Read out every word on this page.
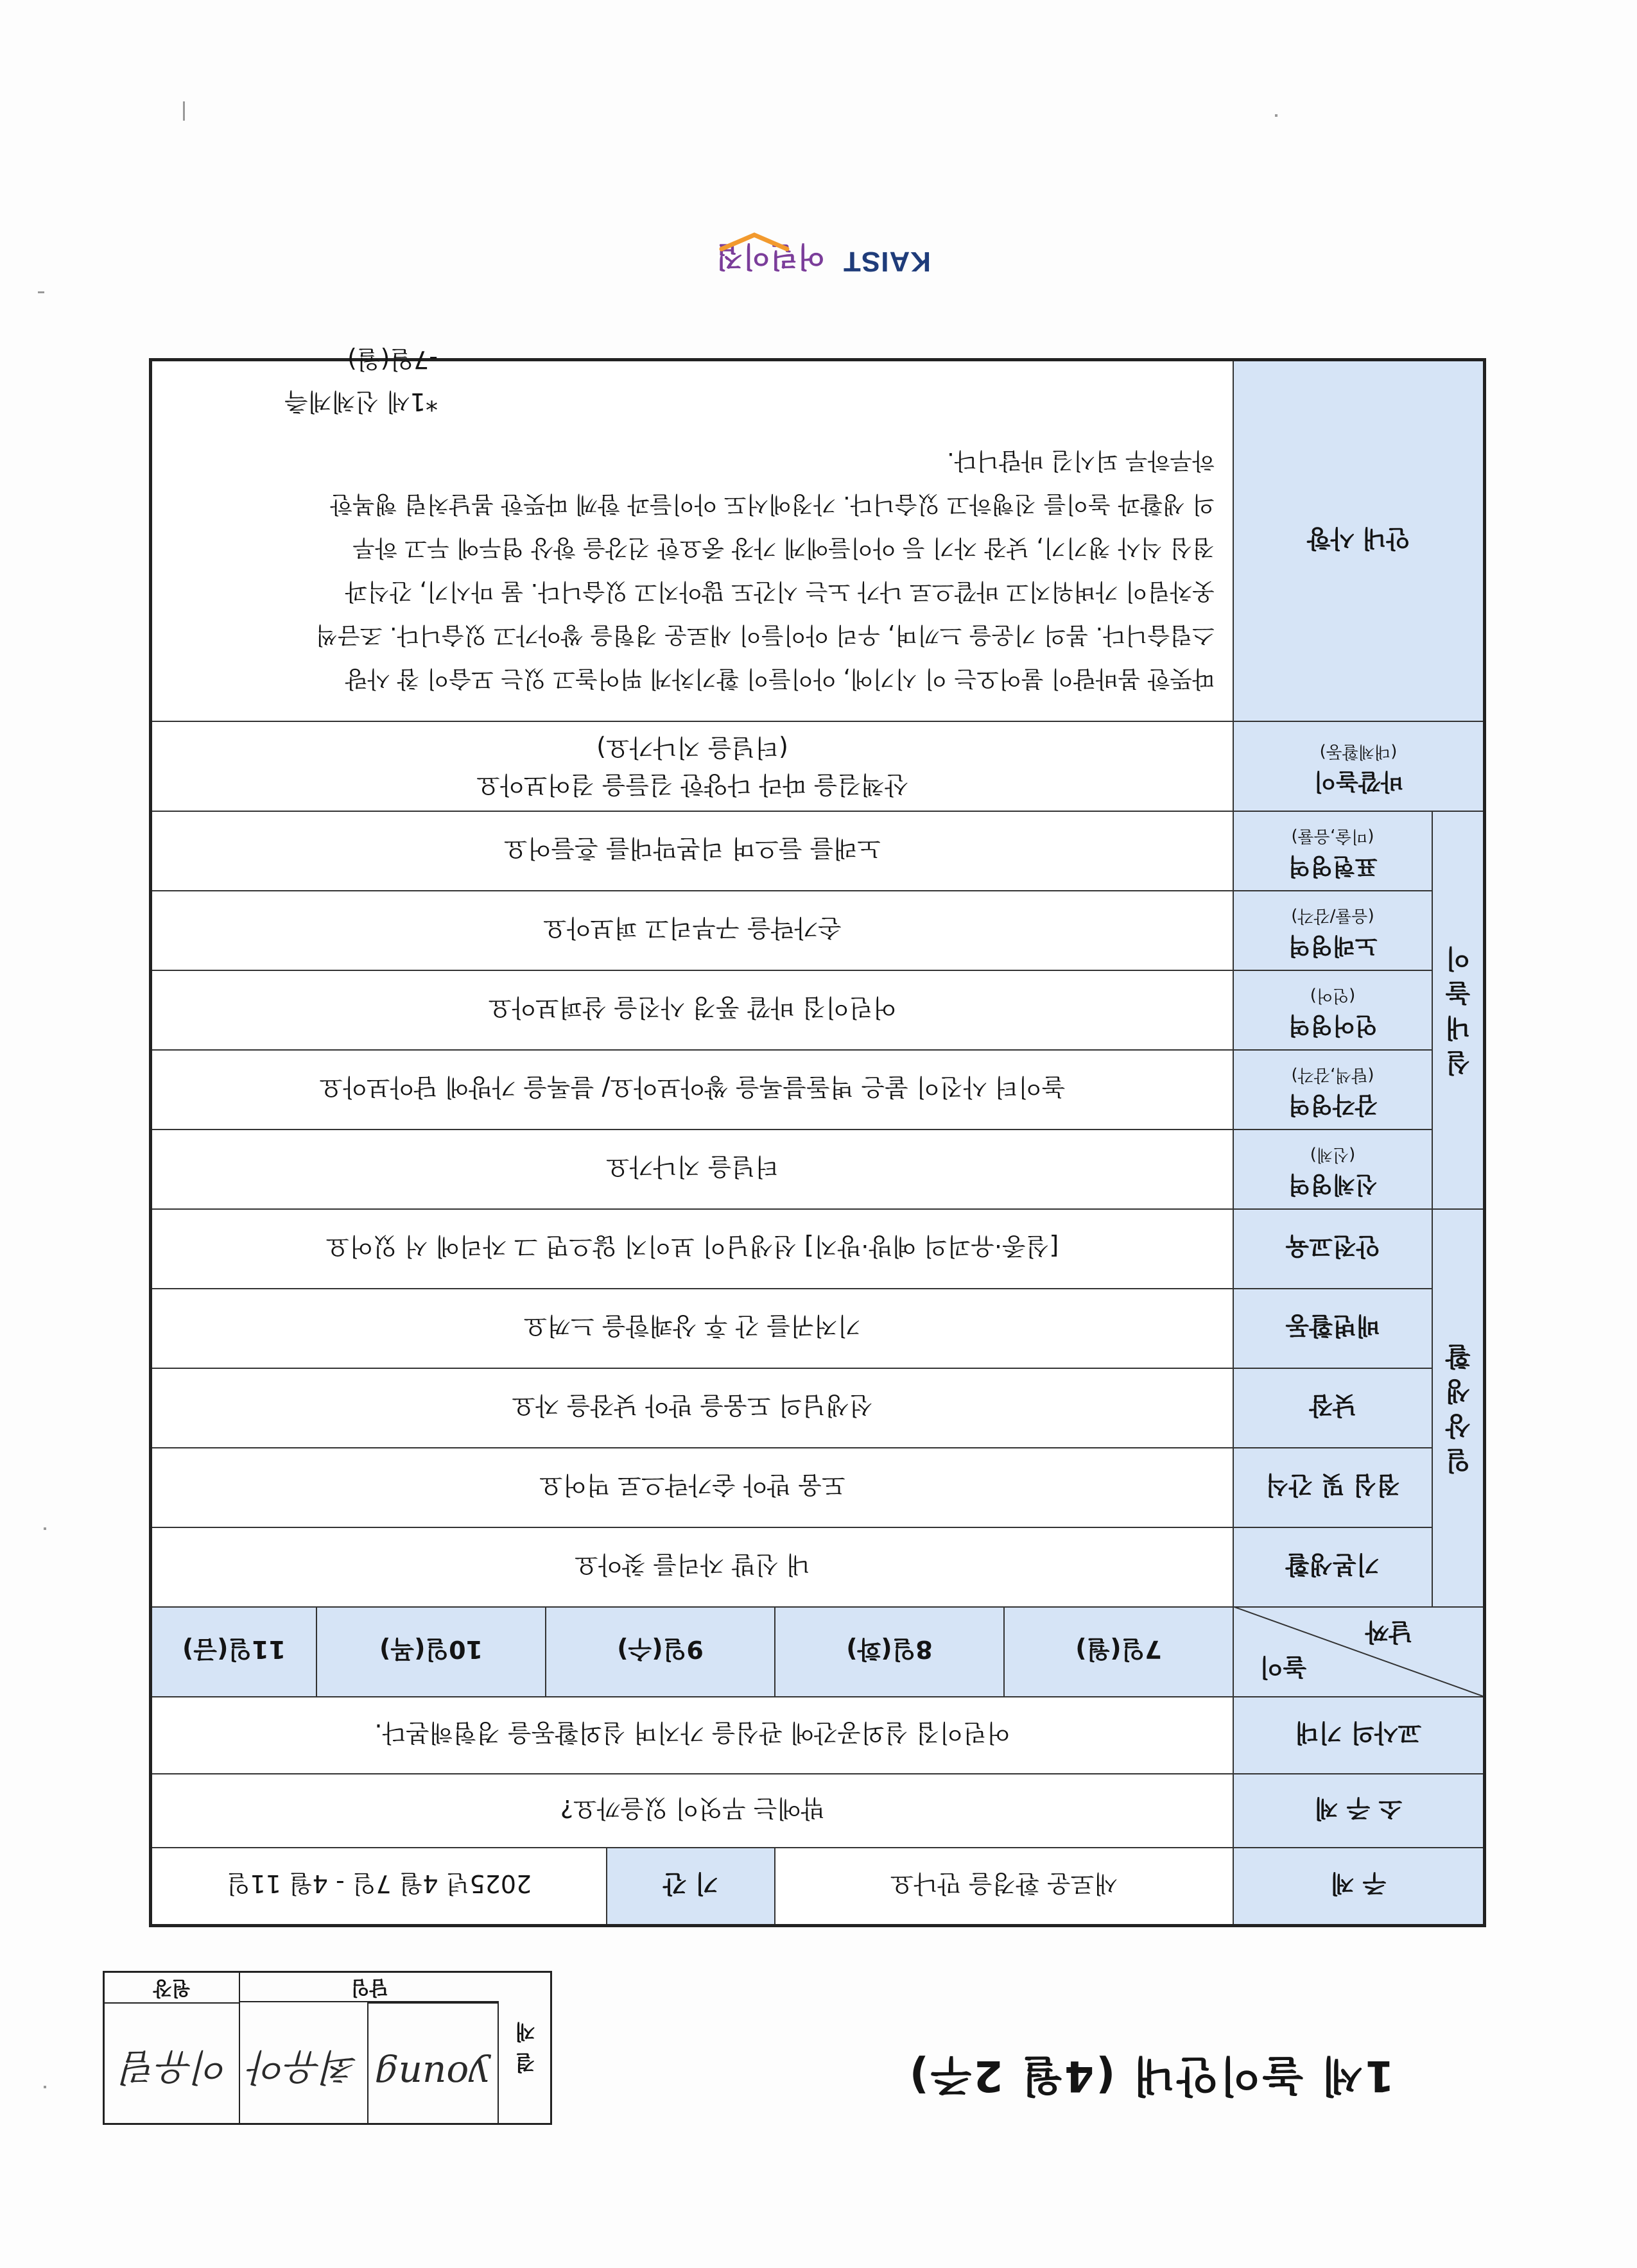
KAIST
어린이집
1세 놀이안내 (4월 2주)
결 재
young
최유아
이유림
원장	담임
주 제
새로운 환경을 만나요
기 간
2025년 4월 7일 - 4월 11일
소 주 제
밖에는 무엇이 있을까요?
교사의 기대
어린이집 실외공간에 관심을 가지며 실외활동을 경험해본다.
놀이
날짜
7일(월)
8일(화)
9일(수)
10일(목)
11일(금)
일상생활
기본생활
내 신발 자리를 찾아요
점심 및 간식
도움 받아 숟가락으로 먹어요
낮잠
선생님의 도움을 받아 낮잠을 자요
배변활동
기저귀를 간 후 상쾌함을 느껴요
안전교육
[실종·유괴의 예방·방지] 선생님이 보이지 않으면 그 자리에 서 있어요
실내놀이
신체영역
(신체)
터널을 지나가요
감각영역
(탐색,감각)
놀이터 사진이 붙은 벽돌블록을 쌓아보아요/ 블록을 가방에 담아보아요
언어영역
(언어)
어린이집 바깥 풍경 사진을 살펴보아요
노래영역
(음률/감각)
손가락을 구부리고 펴보아요
표현영역
(미술,음률)
노래를 들으며 리본막대를 흔들어요
바깥놀이
(대체활동)
산책길을 따라 다양한 길들을 걸어보아요
(터널을 지나가요)
안내 사항
따뜻한 봄바람이 불어오는 이 시기에, 아이들이 활기차게 뛰어놀고 있는 모습이 참 사랑
스럽습니다. 봄의 기운을 느끼며, 우리 아이들이 새로운 경험을 쌓아가고 있습니다. 조금씩
옷차림이 가벼워지고 바깥으로 나가 노는 시간도 많아지고 있습니다. 물 마시기, 간식과
점심 식사 챙기기, 낮잠 자기 등 아이들에게 가장 중요한 건강을 항상 염두에 두고 하루
의 생활과 놀이를 진행하고 있습니다. 가정에서도 아이들과 함께 따뜻한 봄날처럼 행복한
하루하루 되시길 바랍니다.
*1세 신체계측
-7일(월)
